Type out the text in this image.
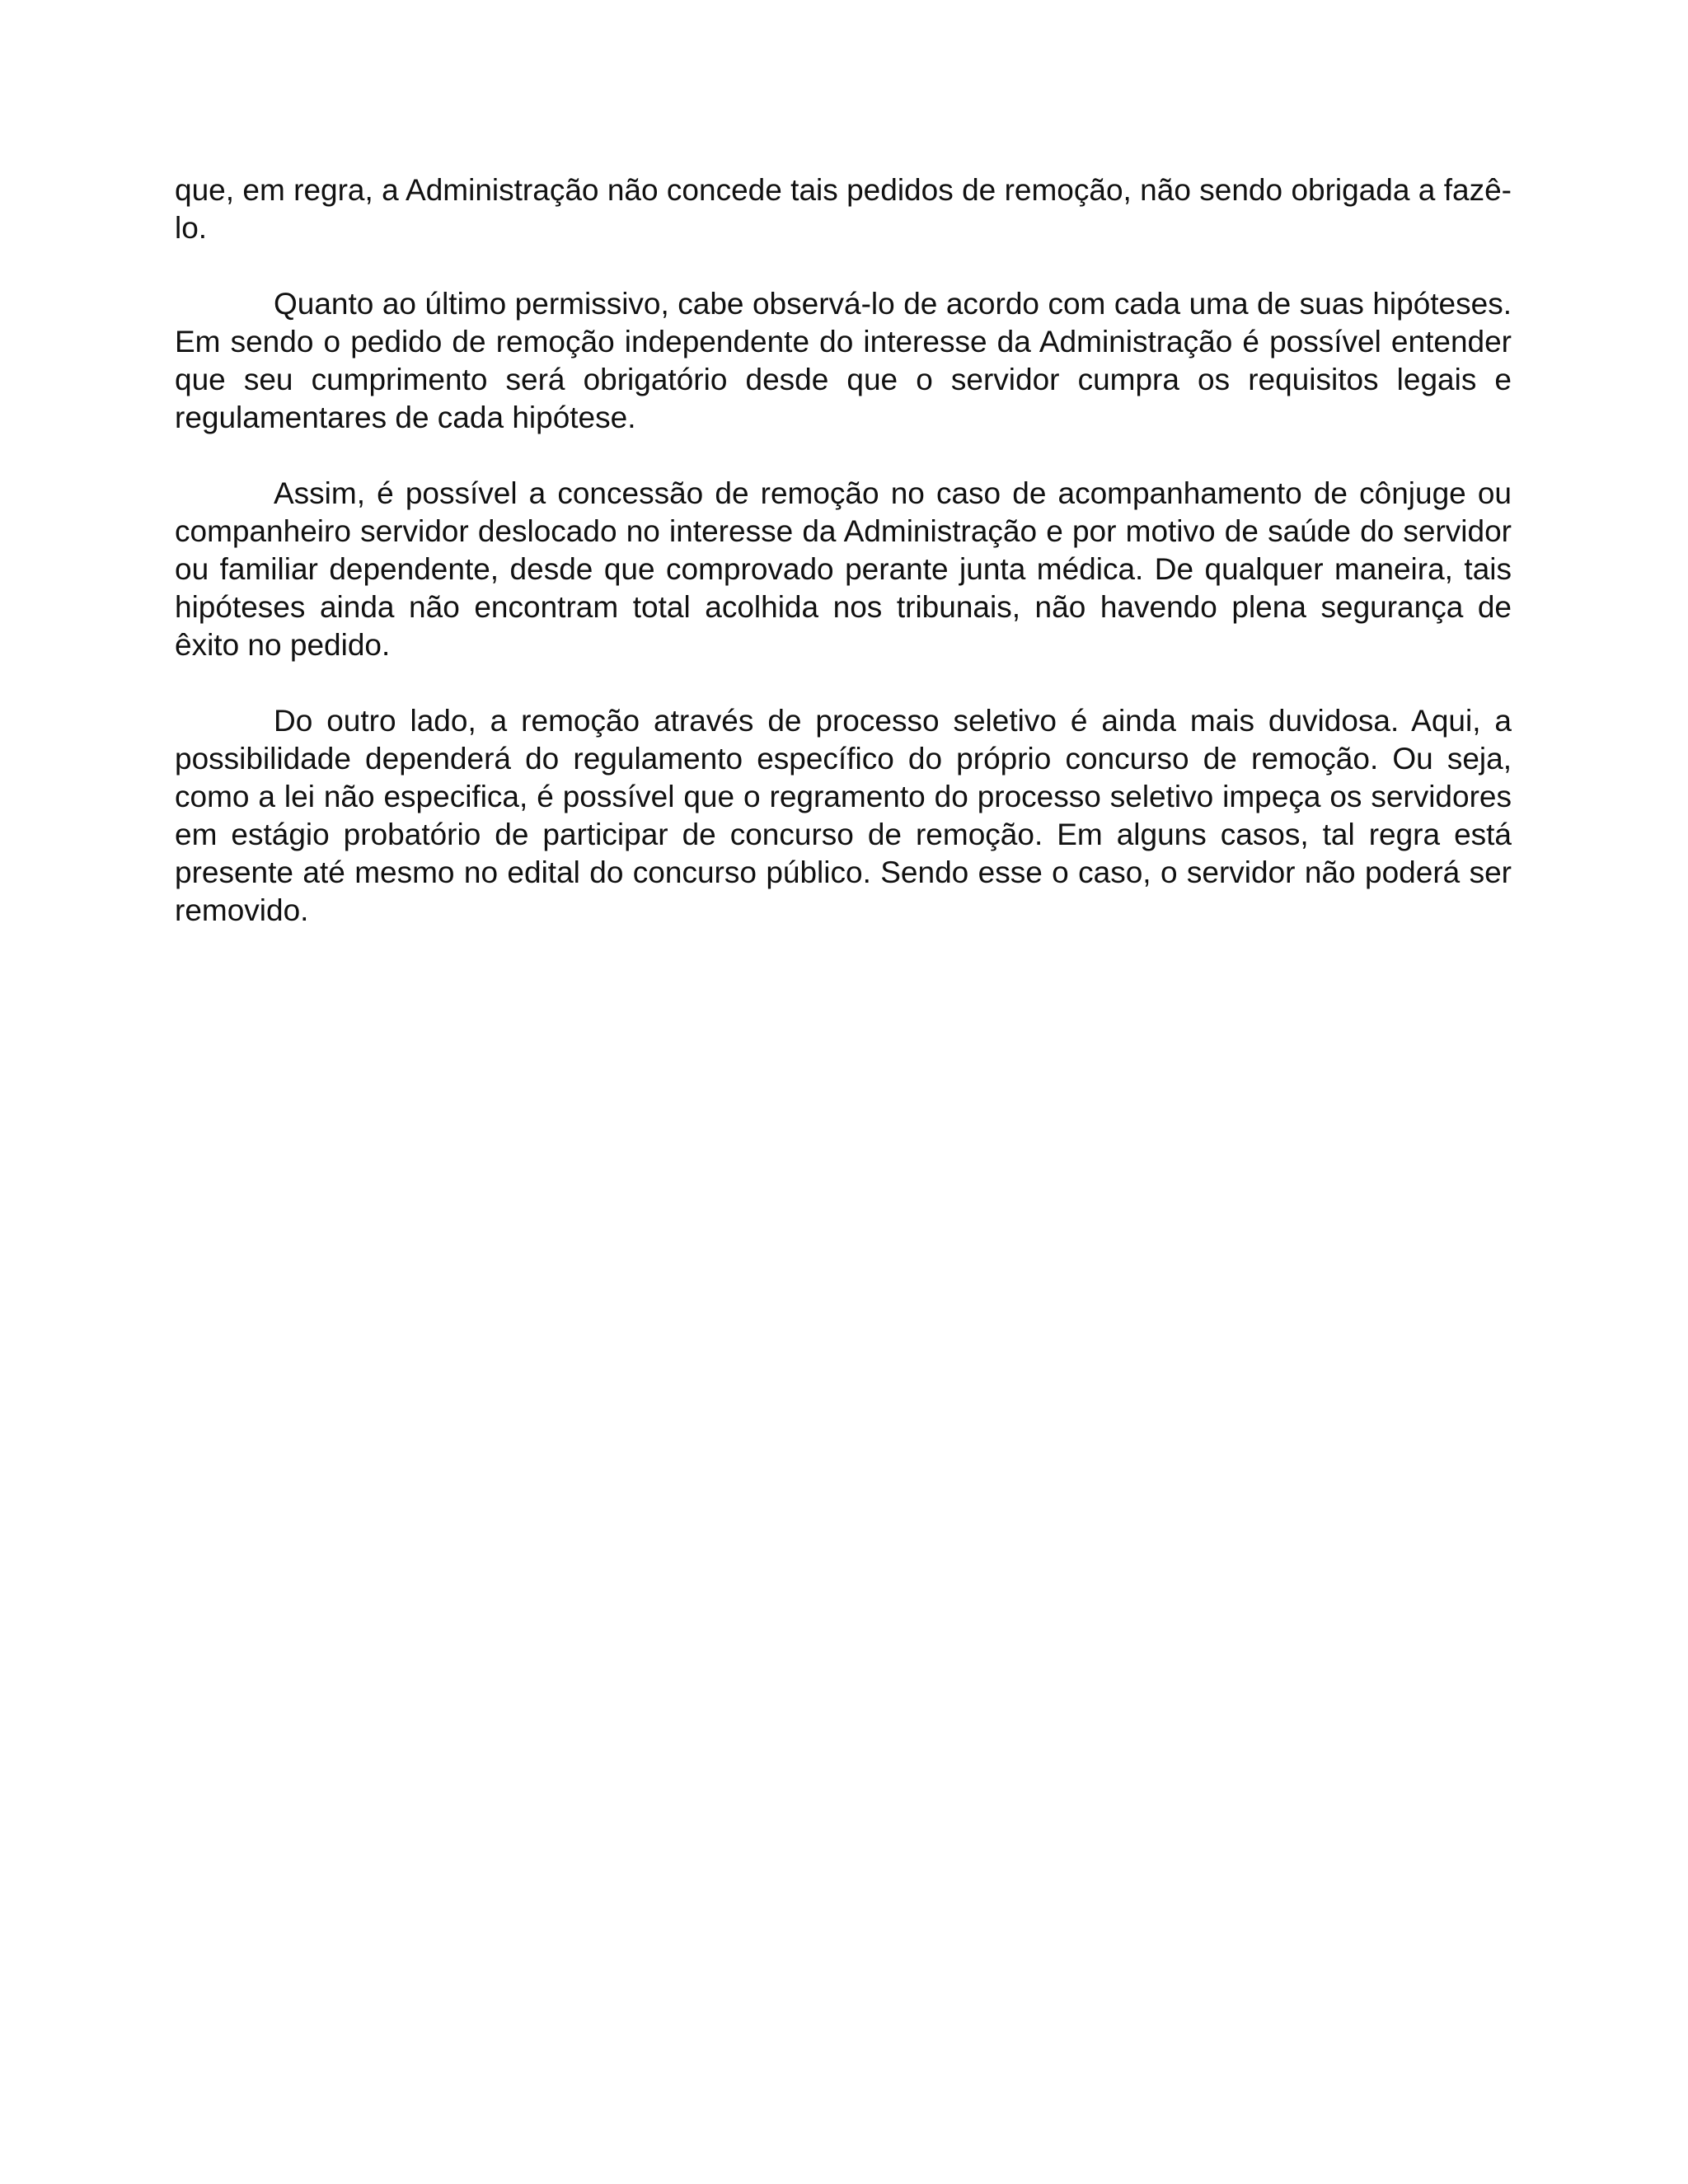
que, em regra, a Administração não concede tais pedidos de remoção, não sendo obrigada a fazê-lo.

Quanto ao último permissivo, cabe observá-lo de acordo com cada uma de suas hipóteses. Em sendo o pedido de remoção independente do interesse da Administração é possível entender que seu cumprimento será obrigatório desde que o servidor cumpra os requisitos legais e regulamentares de cada hipótese.

Assim, é possível a concessão de remoção no caso de acompanhamento de cônjuge ou companheiro servidor deslocado no interesse da Administração e por motivo de saúde do servidor ou familiar dependente, desde que comprovado perante junta médica. De qualquer maneira, tais hipóteses ainda não encontram total acolhida nos tribunais, não havendo plena segurança de êxito no pedido.

Do outro lado, a remoção através de processo seletivo é ainda mais duvidosa. Aqui, a possibilidade dependerá do regulamento específico do próprio concurso de remoção. Ou seja, como a lei não especifica, é possível que o regramento do processo seletivo impeça os servidores em estágio probatório de participar de concurso de remoção. Em alguns casos, tal regra está presente até mesmo no edital do concurso público. Sendo esse o caso, o servidor não poderá ser removido.
